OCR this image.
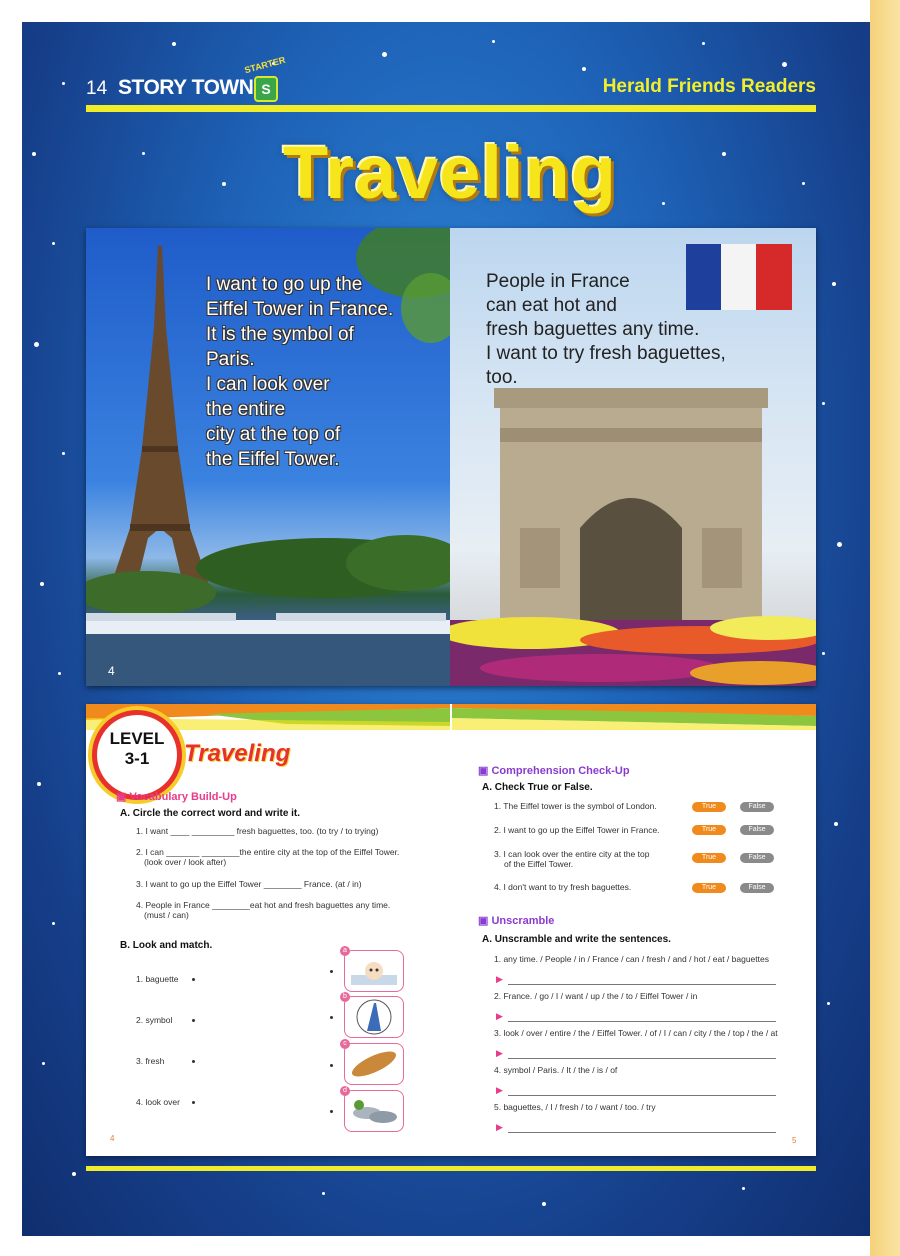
14 STORY TOWN
STARTER
S	Herald Friends Readers
Traveling
I want to go up the
Eiffel Tower in France.
It is the symbol of
Paris.
I can look over
the entire
city at the top of
the Eiffel Tower.
4
People in France
can eat hot and
fresh baguettes any time.
I want to try fresh baguettes,
too.
LEVEL
3-1	Traveling
▣ Vocabulary Build-Up
A. Circle the correct word and write it.
1. I want ____ _________ fresh baguettes, too. (to try / to trying)
2. I can _______ ________the entire city at the top of the Eiffel Tower.
(look over / look after)
3. I want to go up the Eiffel Tower ________ France. (at / in)
4. People in France ________eat hot and fresh baguettes any time.
(must / can)
B. Look and match.
1. baguette
2. symbol
3. fresh
4. look over
a
b
c
d
4
▣ Comprehension Check-Up
A. Check True or False.
1. The Eiffel tower is the symbol of London.	True	False
2. I want to go up the Eiffel Tower in France.	True	False
3. I can look over the entire city at the top
of the Eiffel Tower.
True	False
4. I don't want to try fresh baguettes.	True	False
▣ Unscramble
A. Unscramble and write the sentences.
1. any time. / People / in / France / can / fresh / and / hot / eat / baguettes
▶
2. France. / go / I / want / up / the / to / Eiffel Tower / in
▶
3. look / over / entire / the / Eiffel Tower. / of / I / can / city / the / top / the / at
▶
4. symbol / Paris. / It / the / is / of
▶
5. baguettes, / I / fresh / to / want / too. / try
▶
5
